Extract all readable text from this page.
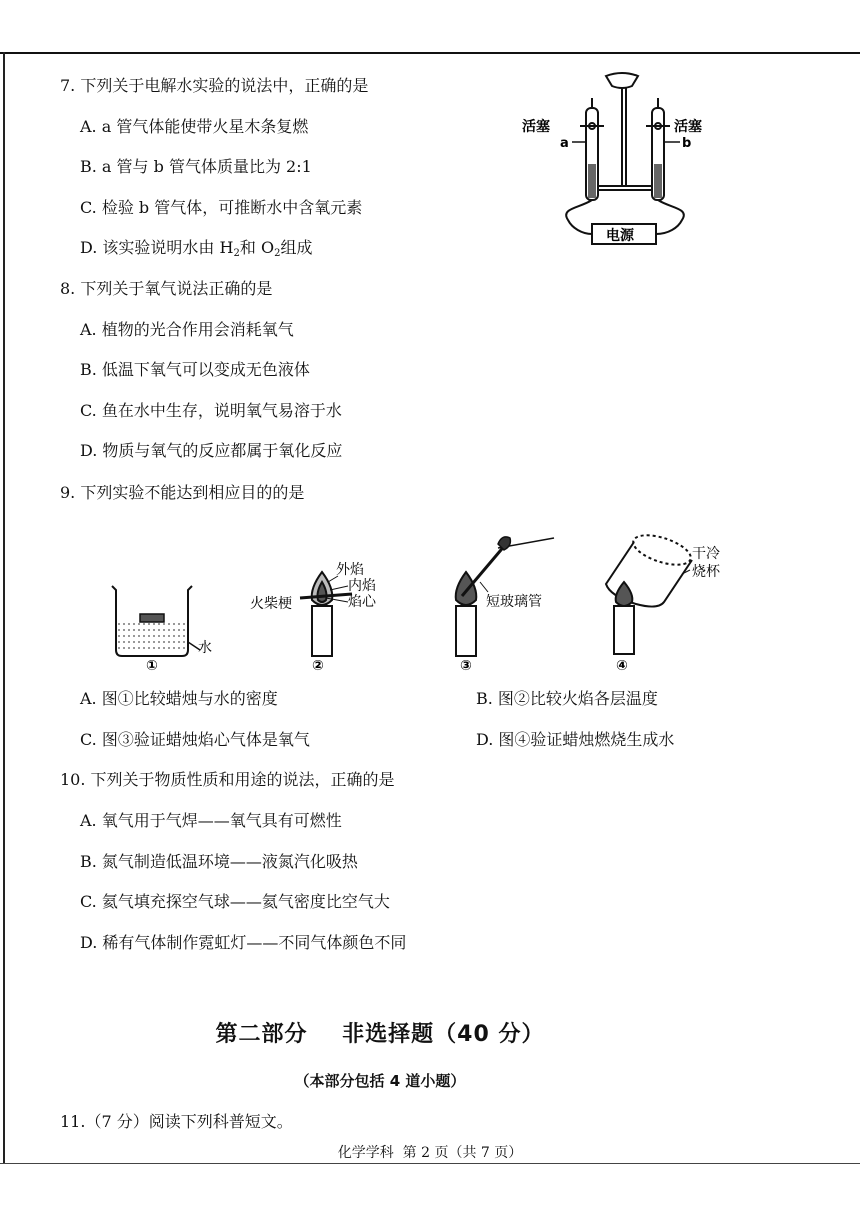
7. 下列关于电解水实验的说法中，正确的是
A. a 管气体能使带火星木条复燃
B. a 管与 b 管气体质量比为 2:1
C. 检验 b 管气体，可推断水中含氧元素
D. 该实验说明水由 $H_2$和 $O_2$组成
活塞	活塞
a	b
电源
8. 下列关于氧气说法正确的是
A. 植物的光合作用会消耗氧气
B. 低温下氧气可以变成无色液体
C. 鱼在水中生存，说明氧气易溶于水
D. 物质与氧气的反应都属于氧化反应
9. 下列实验不能达到相应目的的是
水
①
外焰
内焰
焰心
火柴梗
②
短玻璃管
③
干冷
烧杯
④
A. 图①比较蜡烛与水的密度	B. 图②比较火焰各层温度
C. 图③验证蜡烛焰心气体是氧气	D. 图④验证蜡烛燃烧生成水
10. 下列关于物质性质和用途的说法，正确的是
A. 氧气用于气焊——氧气具有可燃性
B. 氮气制造低温环境——液氮汽化吸热
C. 氦气填充探空气球——氦气密度比空气大
D. 稀有气体制作霓虹灯——不同气体颜色不同
第二部分    非选择题（40 分）
（本部分包括 4 道小题）
11.（7 分）阅读下列科普短文。
化学学科  第 2 页（共 7 页）
